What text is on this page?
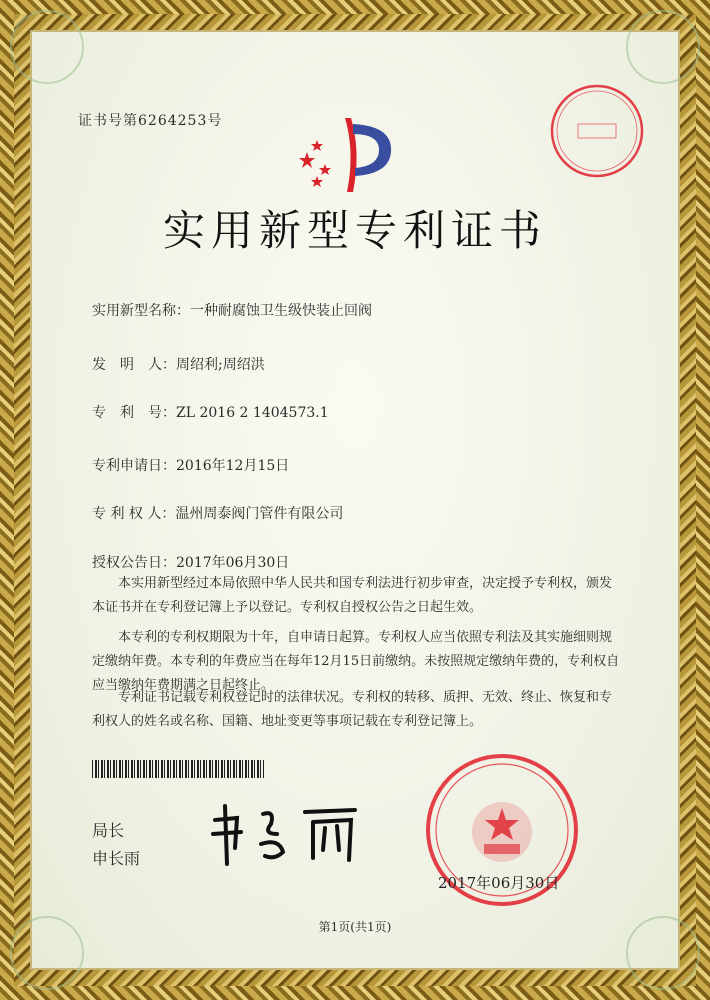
证书号第6264253号
实用新型专利证书
实用新型名称：一种耐腐蚀卫生级快装止回阀
发　明　人：周绍利;周绍洪
专　利　号：ZL 2016 2 1404573.1
专利申请日：2016年12月15日
专 利 权 人：温州周泰阀门管件有限公司
授权公告日：2017年06月30日
　　本实用新型经过本局依照中华人民共和国专利法进行初步审查，决定授予专利权，颁发本证书并在专利登记簿上予以登记。专利权自授权公告之日起生效。
　　本专利的专利权期限为十年，自申请日起算。专利权人应当依照专利法及其实施细则规定缴纳年费。本专利的年费应当在每年12月15日前缴纳。未按照规定缴纳年费的，专利权自应当缴纳年费期满之日起终止。
　　专利证书记载专利权登记时的法律状况。专利权的转移、质押、无效、终止、恢复和专利权人的姓名或名称、国籍、地址变更等事项记载在专利登记簿上。
局长
申长雨
2017年06月30日
第1页(共1页)
